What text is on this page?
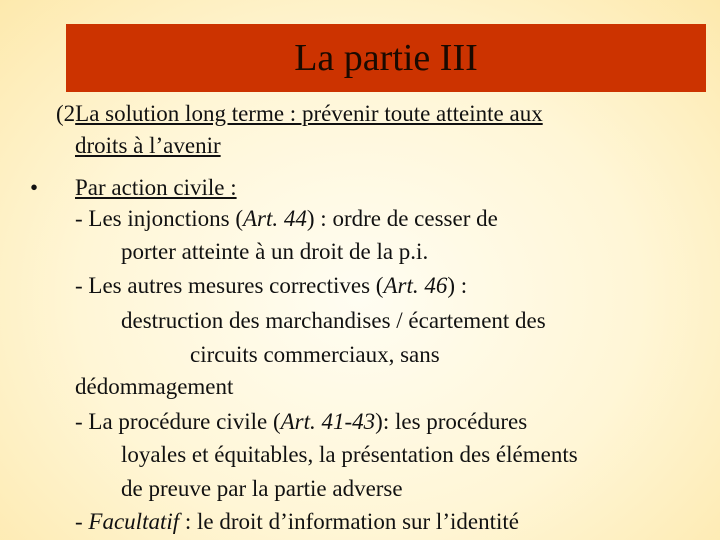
La partie III
(2La solution long terme : prévenir toute atteinte aux
droits à l’avenir
• Par action civile :
- Les injonctions (Art. 44) : ordre de cesser de
porter atteinte à un droit de la p.i.
- Les autres mesures correctives (Art. 46) :
destruction des marchandises / écartement des
circuits commerciaux, sans
dédommagement
- La procédure civile (Art. 41-43): les procédures
loyales et équitables, la présentation des éléments
de preuve par la partie adverse
- Facultatif : le droit d’information sur l’identité
